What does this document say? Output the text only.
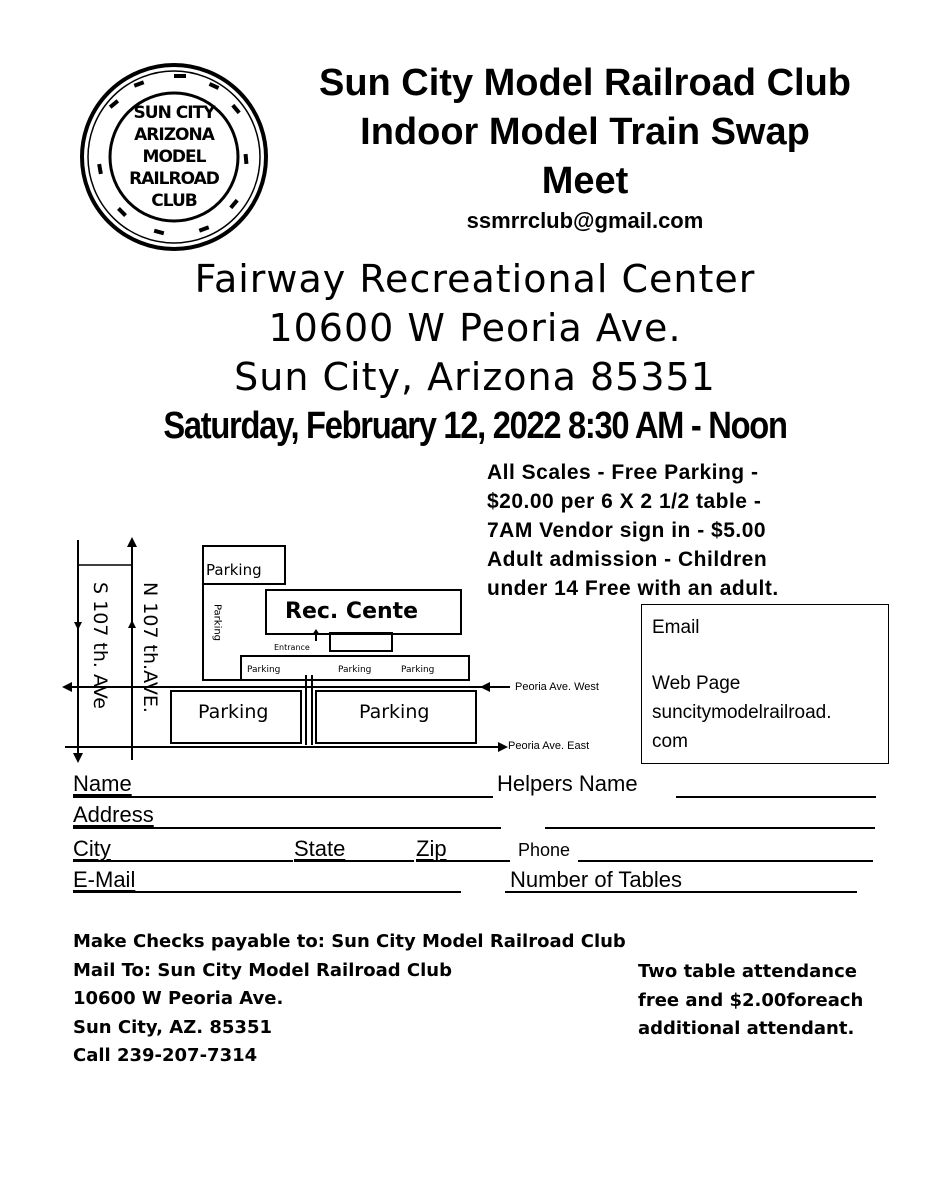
SUN CITY
ARIZONA
MODEL
RAILROAD
CLUB
Sun City Model Railroad Club
Indoor Model Train Swap
Meet
ssmrrclub@gmail.com
Fairway Recreational Center
10600 W Peoria Ave.
Sun City, Arizona 85351
Saturday, February 12, 2022 8:30 AM - Noon
All Scales - Free Parking -
$20.00 per 6 X 2 1/2 table -
7AM Vendor sign in - $5.00
Adult admission - Children
under 14 Free with an adult.
Email
Web Page
suncitymodelrailroad.
com
S 107 th. AVe N 107 th.AVE.
Parking
Parking	Rec. Cente
Entrance
Parking	Parking	Parking
Parking	Parking
Peoria Ave. West
Peoria Ave. East
Name	Helpers Name
Address
City	State	Zip	Phone
E-Mail	Number of Tables
Make Checks payable to: Sun City Model Railroad Club
Mail To: Sun City Model Railroad Club
10600 W Peoria Ave.
Sun City, AZ. 85351
Call 239-207-7314
Two table attendance
free and $2.00foreach
additional attendant.
